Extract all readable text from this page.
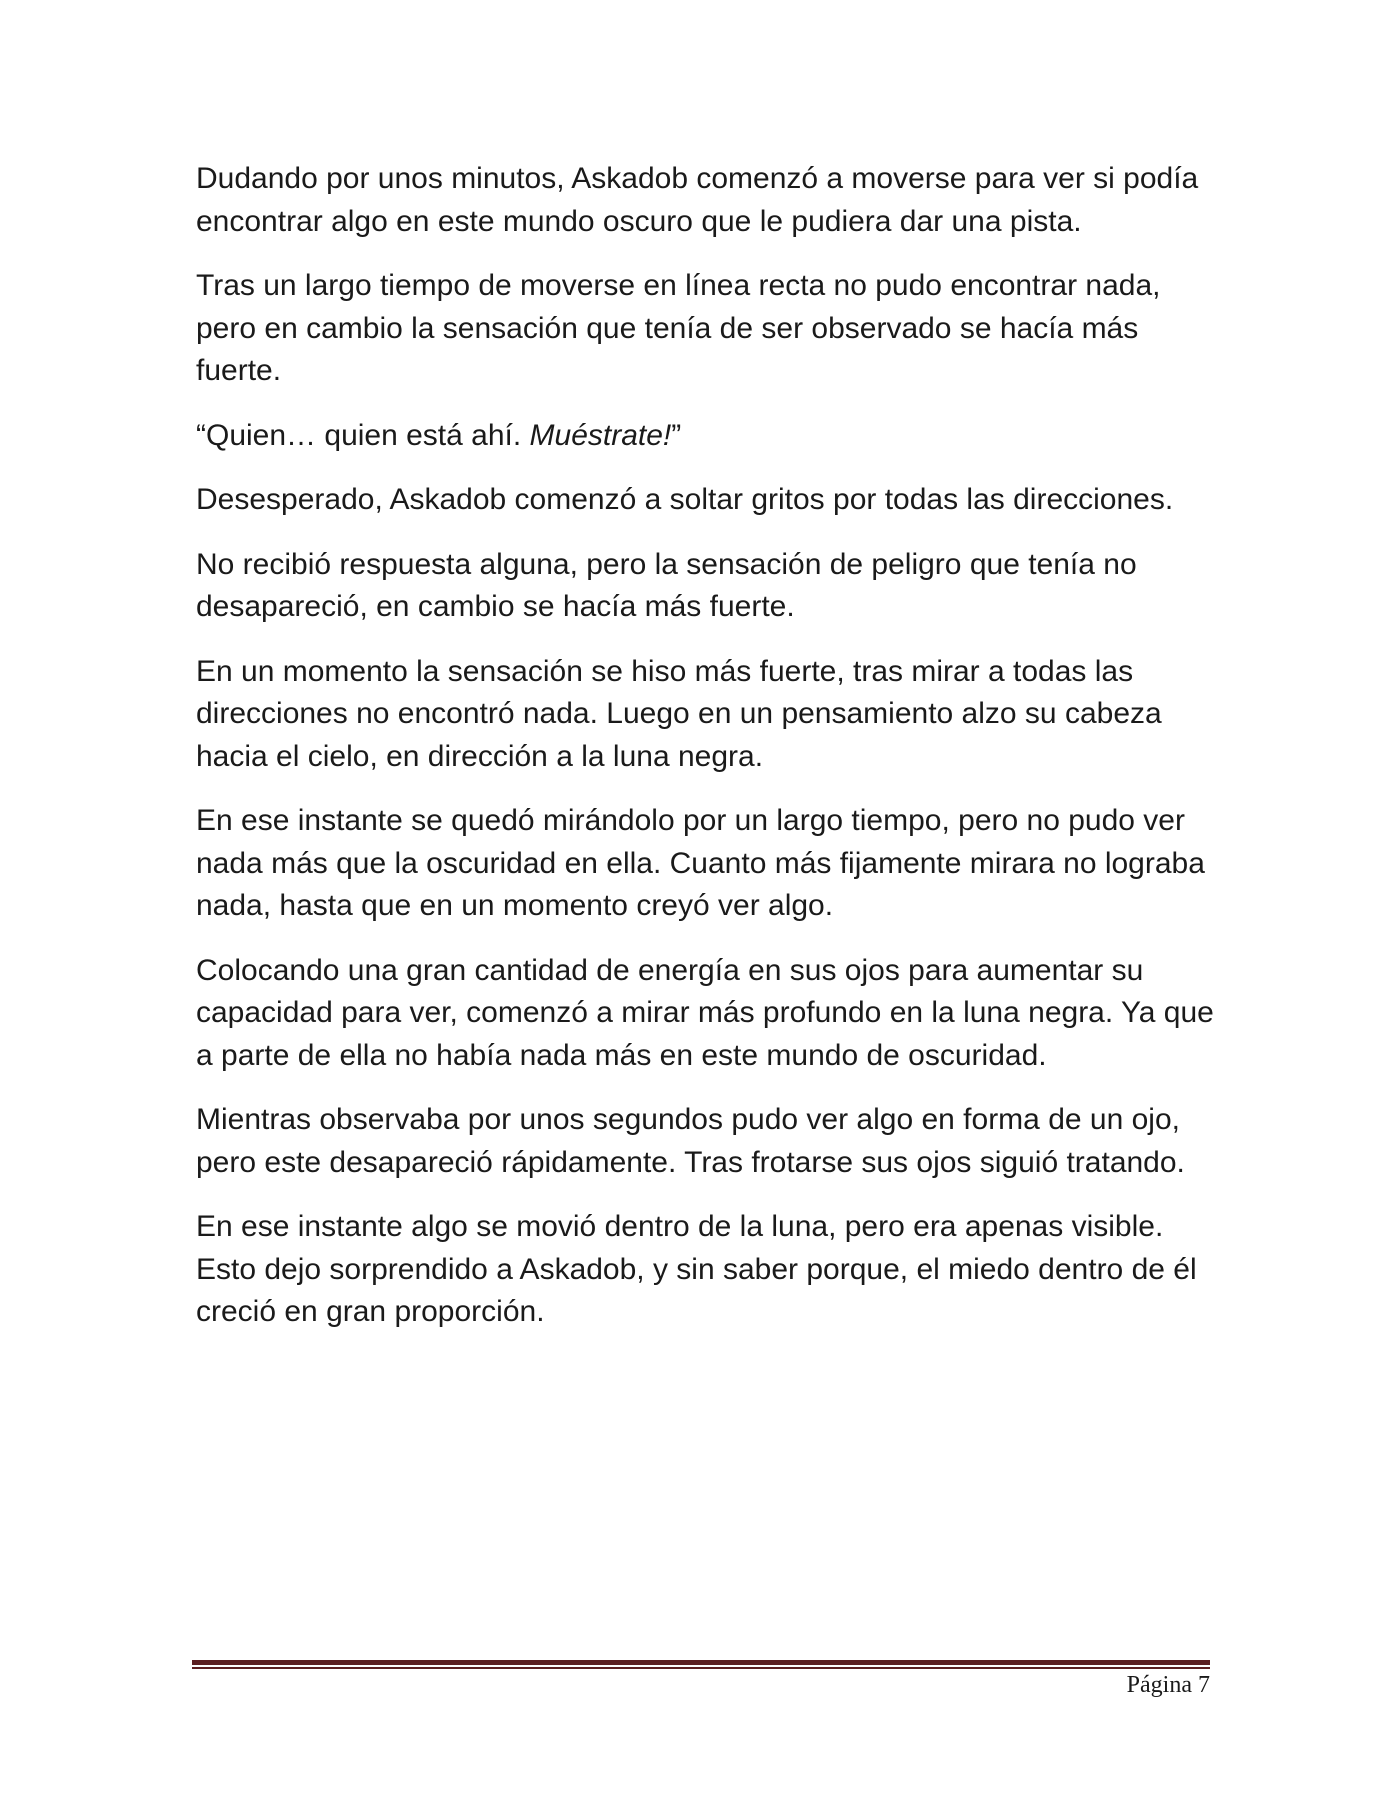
Dudando por unos minutos, Askadob comenzó a moverse para ver si podía encontrar algo en este mundo oscuro que le pudiera dar una pista.

Tras un largo tiempo de moverse en línea recta no pudo encontrar nada, pero en cambio la sensación que tenía de ser observado se hacía más fuerte.

“Quien… quien está ahí. Muéstrate!”

Desesperado, Askadob comenzó a soltar gritos por todas las direcciones.

No recibió respuesta alguna, pero la sensación de peligro que tenía no desapareció, en cambio se hacía más fuerte.

En un momento la sensación se hiso más fuerte, tras mirar a todas las direcciones no encontró nada. Luego en un pensamiento alzo su cabeza hacia el cielo, en dirección a la luna negra.

En ese instante se quedó mirándolo por un largo tiempo, pero no pudo ver nada más que la oscuridad en ella. Cuanto más fijamente mirara no lograba nada, hasta que en un momento creyó ver algo.

Colocando una gran cantidad de energía en sus ojos para aumentar su capacidad para ver, comenzó a mirar más profundo en la luna negra. Ya que a parte de ella no había nada más en este mundo de oscuridad.

Mientras observaba por unos segundos pudo ver algo en forma de un ojo, pero este desapareció rápidamente. Tras frotarse sus ojos siguió tratando.

En ese instante algo se movió dentro de la luna, pero era apenas visible. Esto dejo sorprendido a Askadob, y sin saber porque, el miedo dentro de él creció en gran proporción.

Página 7
